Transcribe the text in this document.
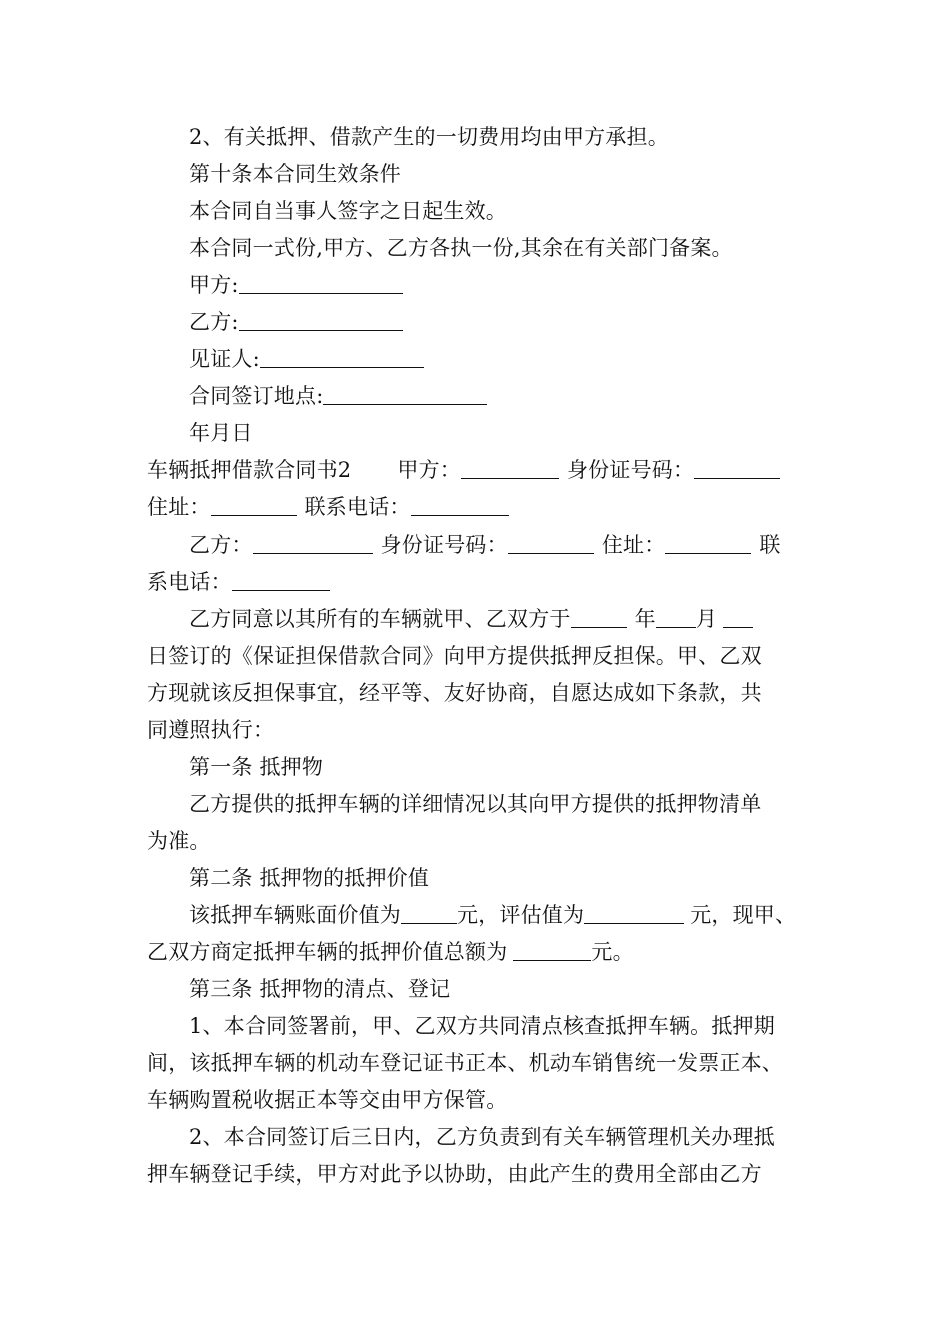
2、有关抵押、借款产生的一切费用均由甲方承担。
第十条本合同生效条件
本合同自当事人签字之日起生效。
本合同一式份,甲方、乙方各执一份,其余在有关部门备案。
甲方:
乙方:
见证人:
合同签订地点:
年月日
车辆抵押借款合同书2 甲方：	身份证号码：
住址：	联系电话：
乙方：	身份证号码：	住址：	联
系电话：
乙方同意以其所有的车辆就甲、乙双方于	年 月
日签订的《保证担保借款合同》向甲方提供抵押反担保。甲、乙双
方现就该反担保事宜，经平等、友好协商，自愿达成如下条款，共
同遵照执行：
第一条 抵押物
乙方提供的抵押车辆的详细情况以其向甲方提供的抵押物清单
为准。
第二条 抵押物的抵押价值
该抵押车辆账面价值为	元，评估值为	元，现甲、
乙双方商定抵押车辆的抵押价值总额为	元。
第三条 抵押物的清点、登记
1、本合同签署前，甲、乙双方共同清点核查抵押车辆。抵押期
间，该抵押车辆的机动车登记证书正本、机动车销售统一发票正本、
车辆购置税收据正本等交由甲方保管。
2、本合同签订后三日内，乙方负责到有关车辆管理机关办理抵
押车辆登记手续，甲方对此予以协助，由此产生的费用全部由乙方
